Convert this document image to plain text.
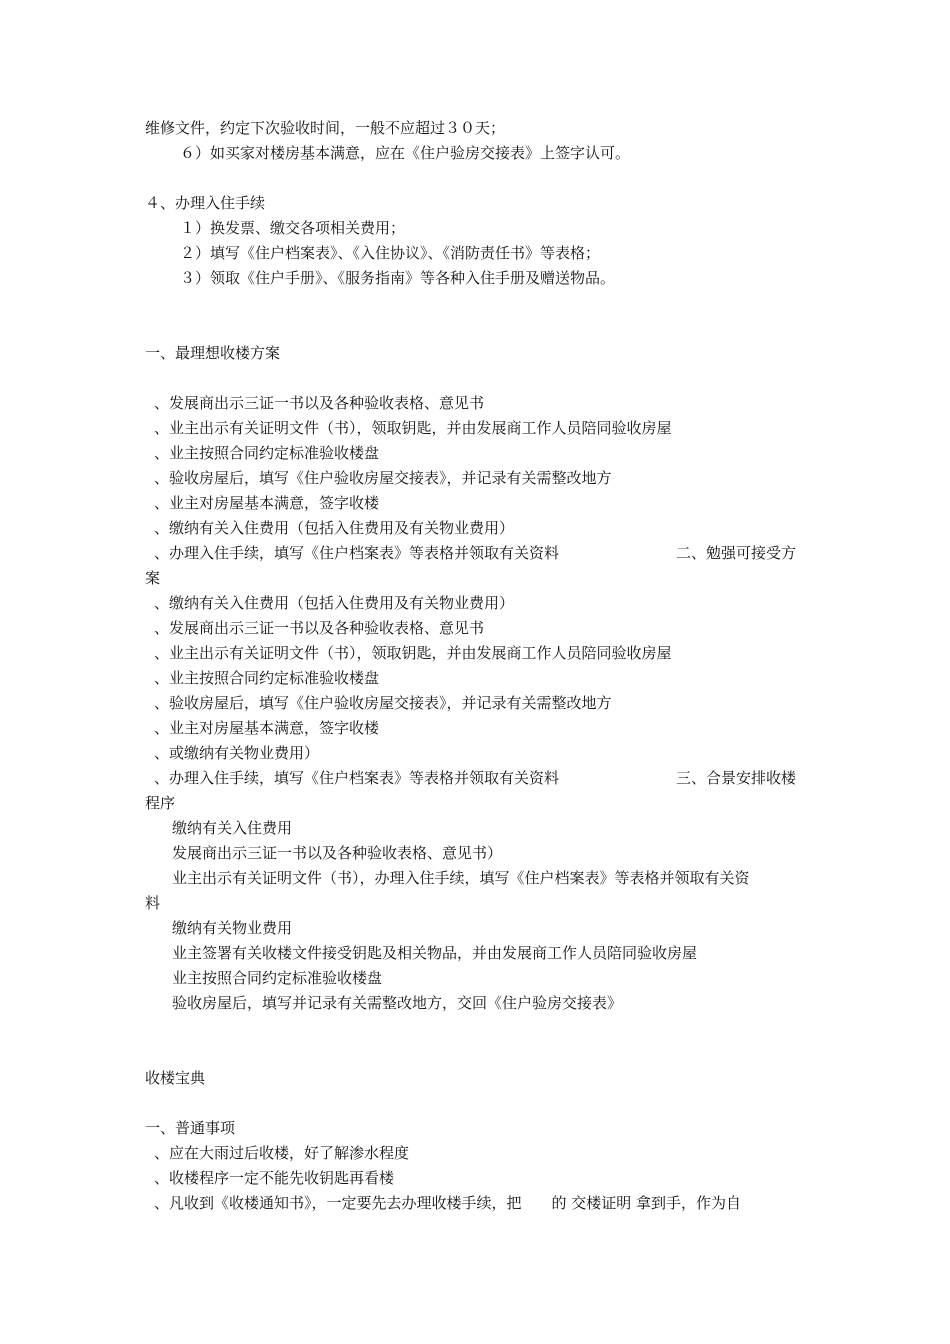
维修文件，约定下次验收时间，一般不应超过３０天；
６）如买家对楼房基本满意，应在《住户验房交接表》上签字认可。
４、办理入住手续
１）换发票、缴交各项相关费用；
２）填写《住户档案表》、《入住协议》、《消防责任书》等表格；
３）领取《住户手册》、《服务指南》等各种入住手册及赠送物品。
一、最理想收楼方案
、发展商出示三证一书以及各种验收表格、意见书
、业主出示有关证明文件（书），领取钥匙，并由发展商工作人员陪同验收房屋
、业主按照合同约定标准验收楼盘
、验收房屋后，填写《住户验收房屋交接表》，并记录有关需整改地方
、业主对房屋基本满意，签字收楼
、缴纳有关入住费用（包括入住费用及有关物业费用）
、办理入住手续，填写《住户档案表》等表格并领取有关资料	二、勉强可接受方
案
、缴纳有关入住费用（包括入住费用及有关物业费用）
、发展商出示三证一书以及各种验收表格、意见书
、业主出示有关证明文件（书），领取钥匙，并由发展商工作人员陪同验收房屋
、业主按照合同约定标准验收楼盘
、验收房屋后，填写《住户验收房屋交接表》，并记录有关需整改地方
、业主对房屋基本满意，签字收楼
、或缴纳有关物业费用）
、办理入住手续，填写《住户档案表》等表格并领取有关资料	三、合景安排收楼
程序
缴纳有关入住费用
发展商出示三证一书以及各种验收表格、意见书）
业主出示有关证明文件（书），办理入住手续，填写《住户档案表》等表格并领取有关资
料
缴纳有关物业费用
业主签署有关收楼文件接受钥匙及相关物品，并由发展商工作人员陪同验收房屋
业主按照合同约定标准验收楼盘
验收房屋后，填写并记录有关需整改地方，交回《住户验房交接表》
收楼宝典
一、普通事项
、应在大雨过后收楼，好了解渗水程度
、收楼程序一定不能先收钥匙再看楼
、凡收到《收楼通知书》，一定要先去办理收楼手续，把　　的 交楼证明 拿到手，作为自
